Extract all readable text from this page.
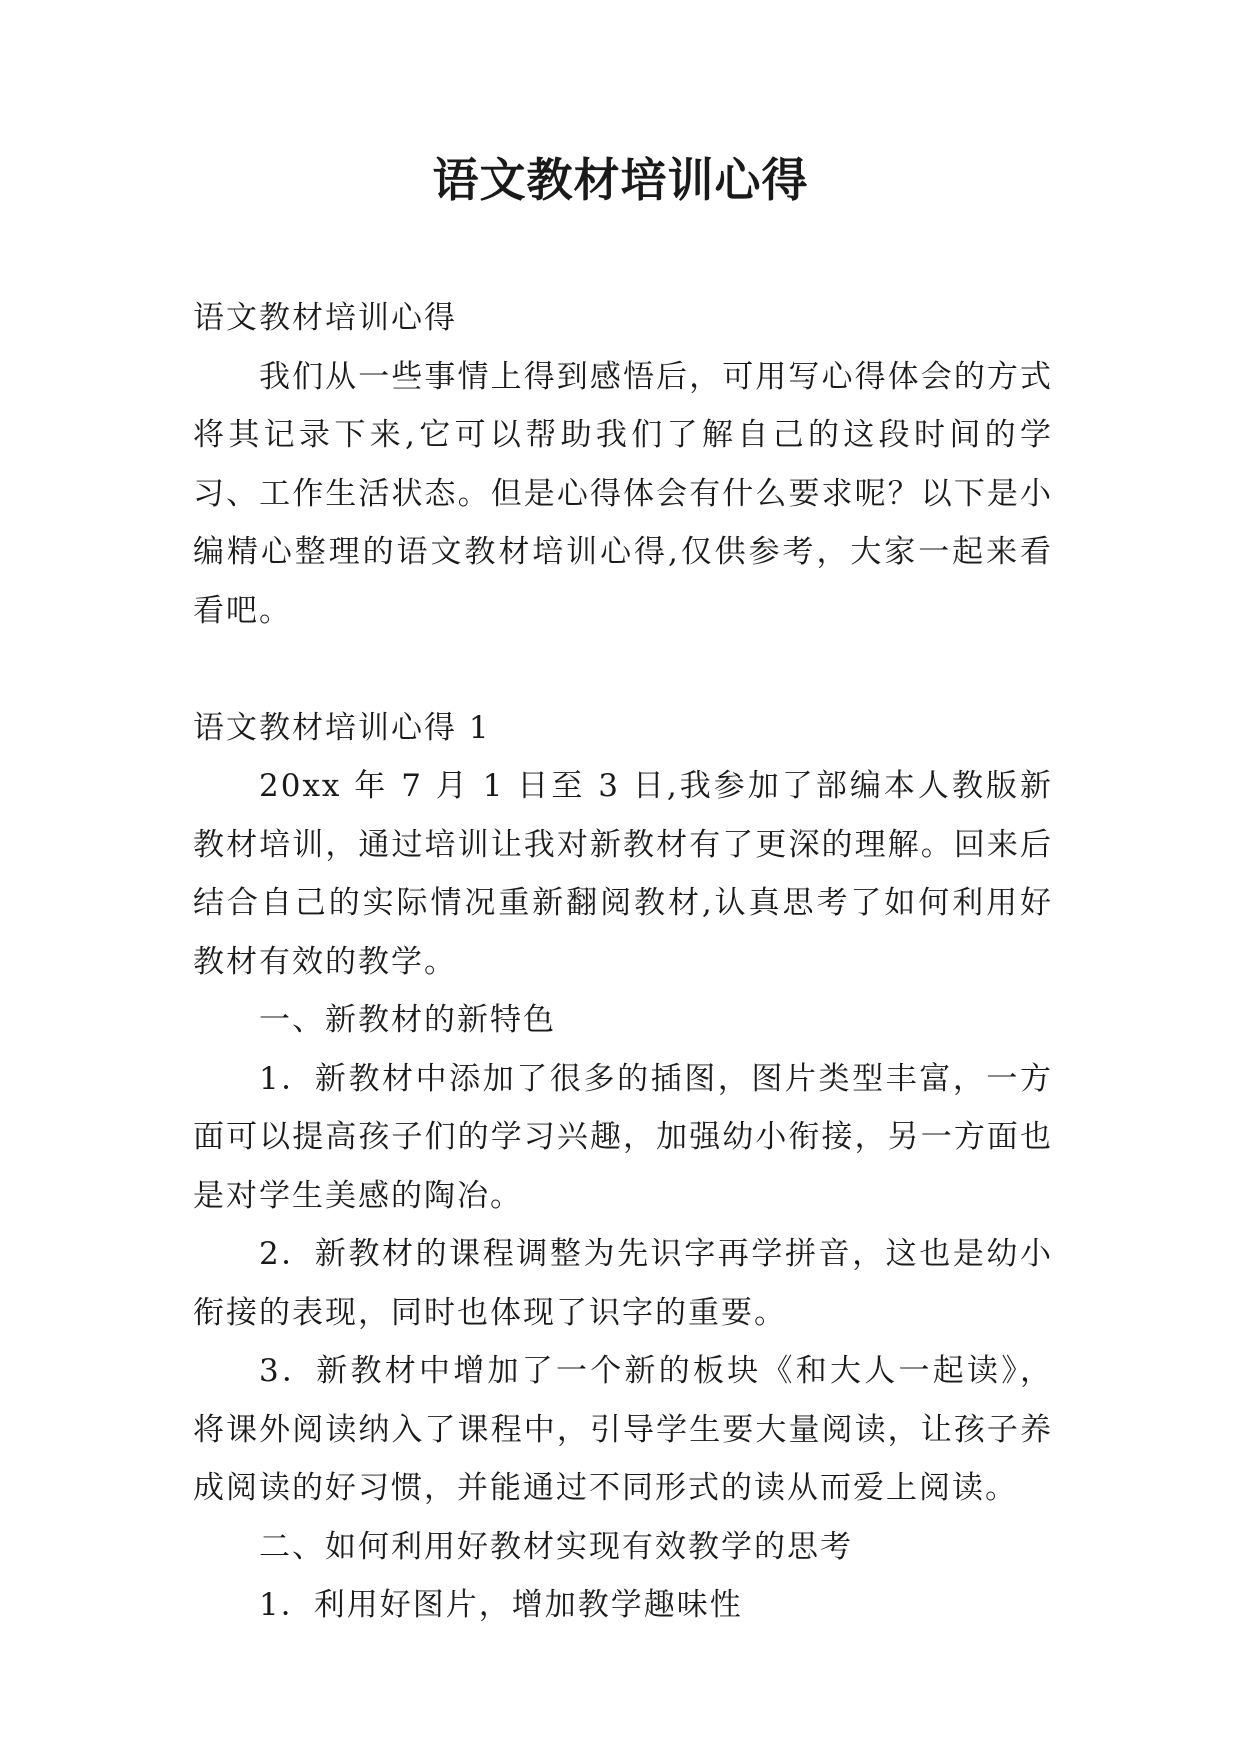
语文教材培训心得

语文教材培训心得

我们从一些事情上得到感悟后，可用写心得体会的方式将其记录下来,它可以帮助我们了解自己的这段时间的学习、工作生活状态。但是心得体会有什么要求呢？以下是小编精心整理的语文教材培训心得,仅供参考，大家一起来看看吧。

语文教材培训心得 1

20xx 年 7 月 1 日至 3 日,我参加了部编本人教版新教材培训，通过培训让我对新教材有了更深的理解。回来后结合自己的实际情况重新翻阅教材,认真思考了如何利用好教材有效的教学。

一、新教材的新特色

1．新教材中添加了很多的插图，图片类型丰富，一方面可以提高孩子们的学习兴趣，加强幼小衔接，另一方面也是对学生美感的陶冶。

2．新教材的课程调整为先识字再学拼音，这也是幼小衔接的表现，同时也体现了识字的重要。

3．新教材中增加了一个新的板块《和大人一起读》，将课外阅读纳入了课程中，引导学生要大量阅读，让孩子养成阅读的好习惯，并能通过不同形式的读从而爱上阅读。

二、如何利用好教材实现有效教学的思考

1．利用好图片，增加教学趣味性
